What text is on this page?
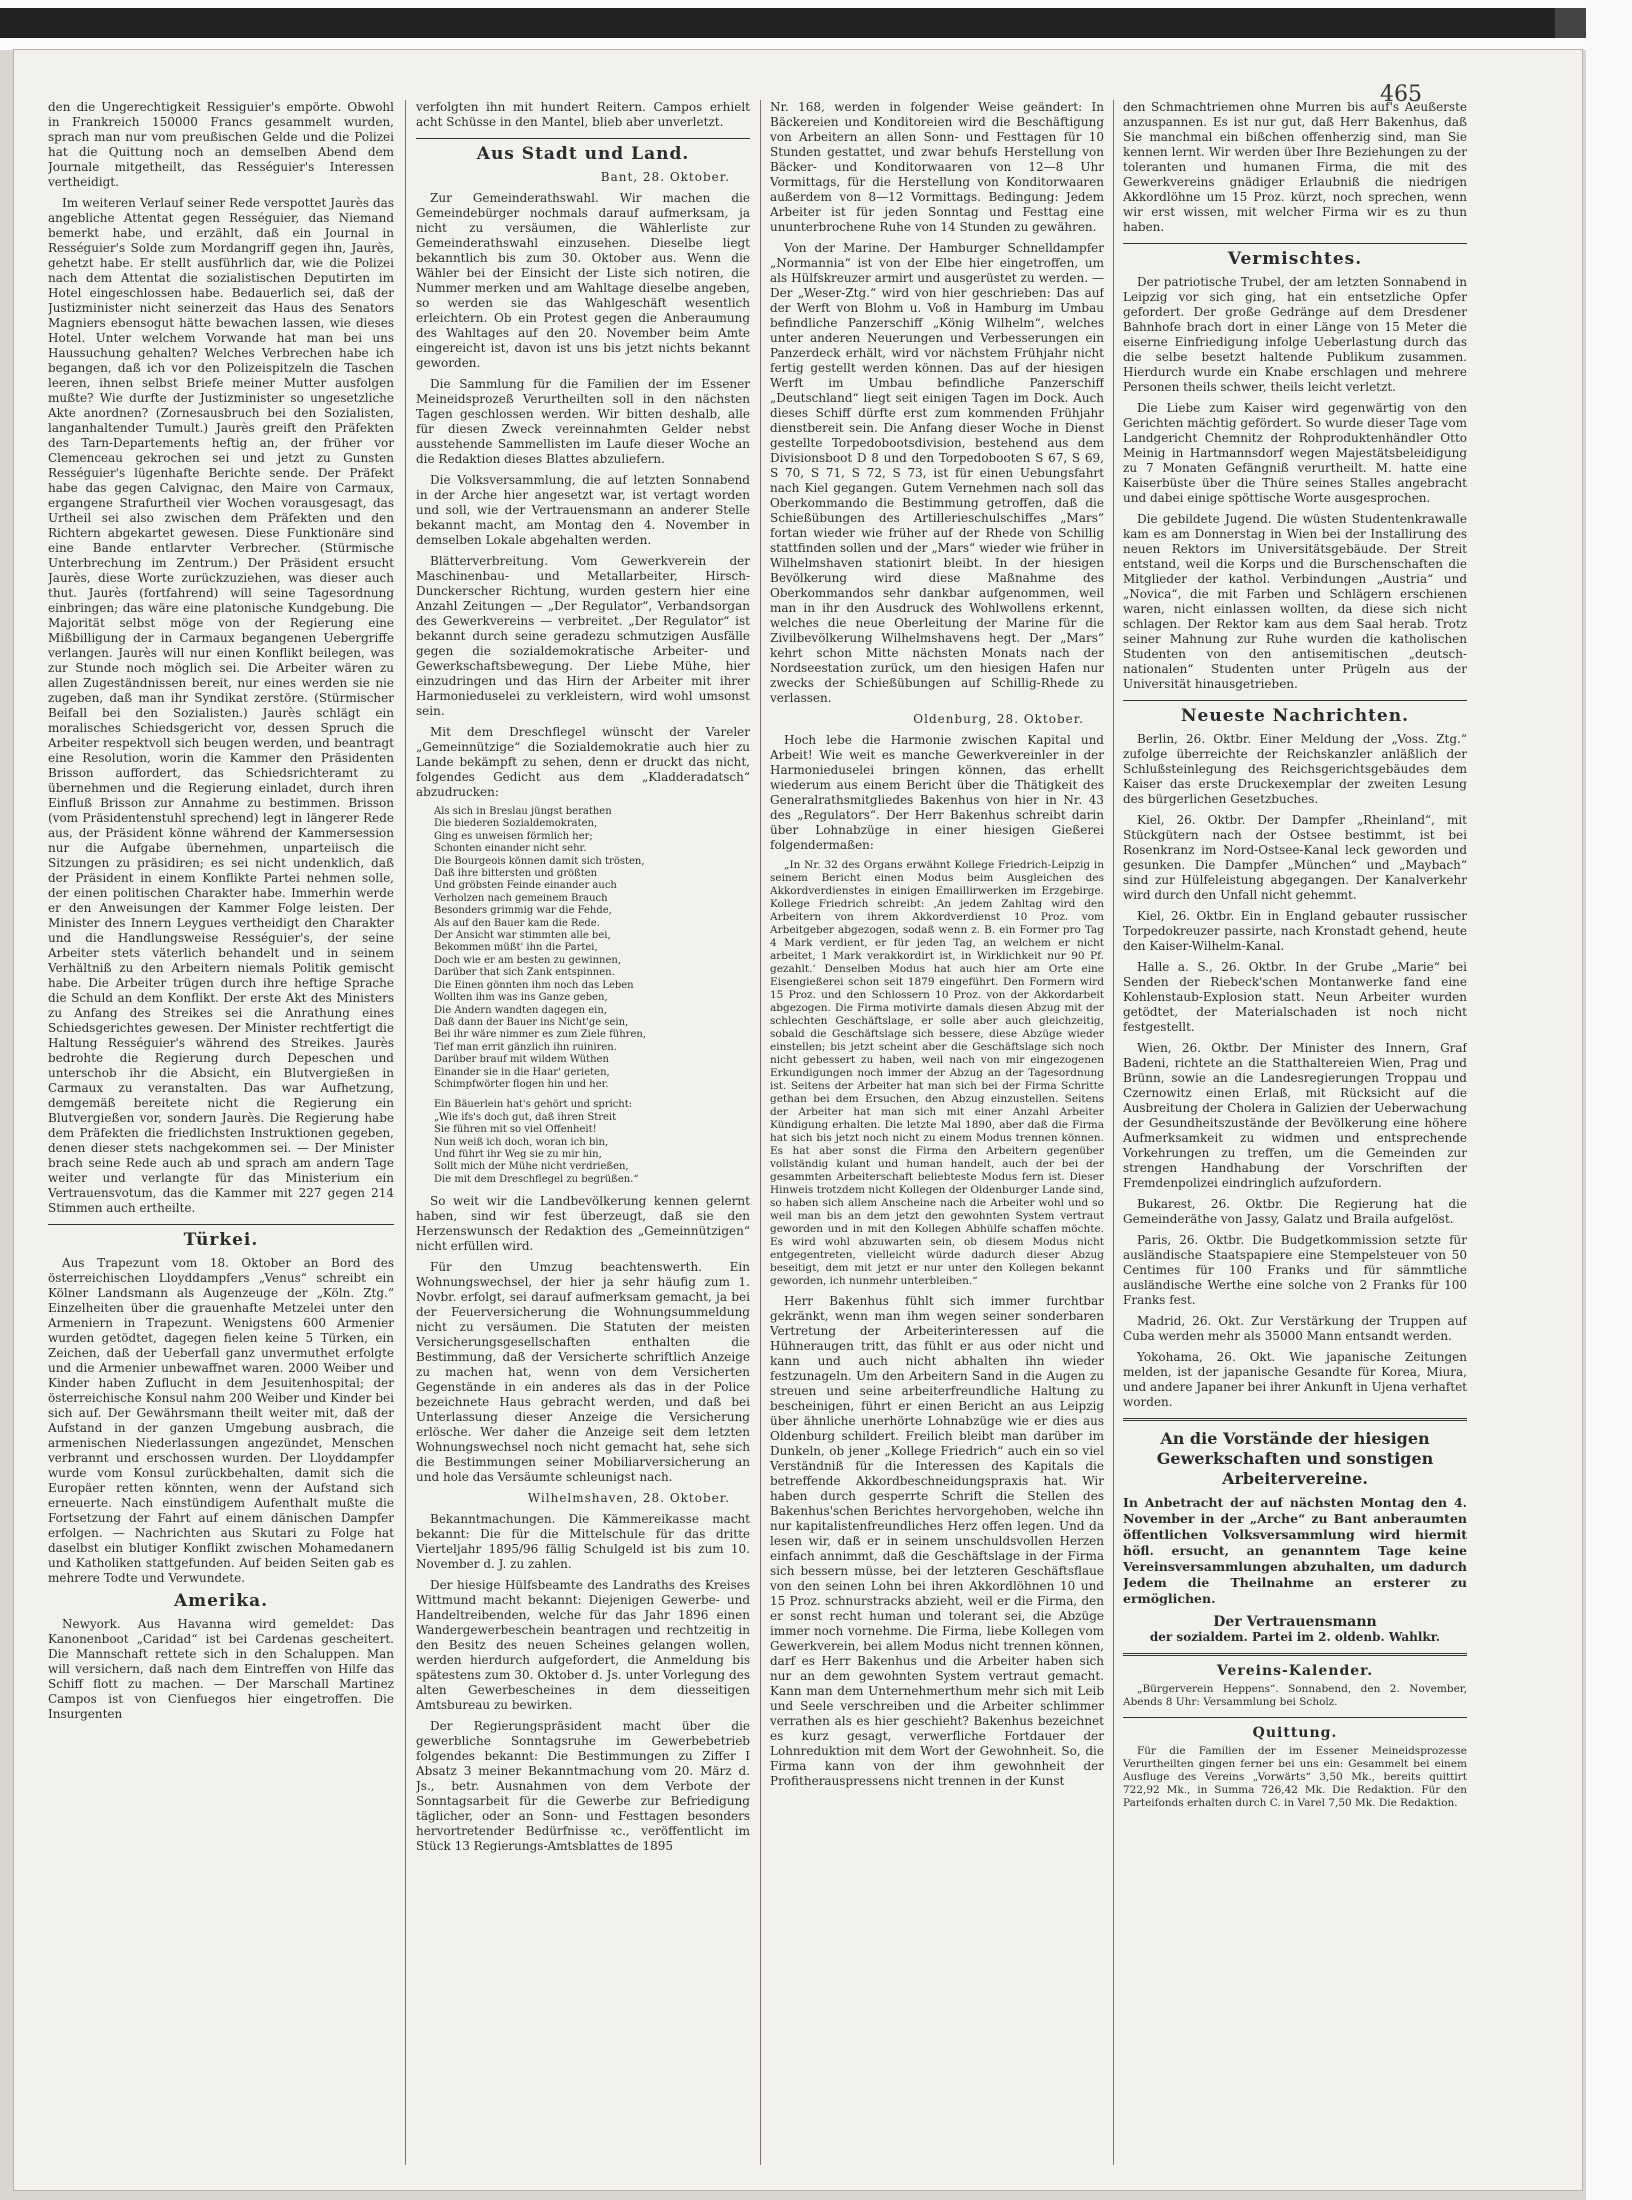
465

den die Ungerechtigkeit Ressiguier's empörte. Obwohl in Frankreich 150000 Francs gesammelt wurden, sprach man nur vom preußischen Gelde und die Polizei hat die Quittung noch an demselben Abend dem Journale mitgetheilt, das Rességuier's Interessen vertheidigt.

Im weiteren Verlauf seiner Rede verspottet Jaurès das angebliche Attentat gegen Rességuier, das Niemand bemerkt habe, und erzählt, daß ein Journal in Rességuier's Solde zum Mordangriff gegen ihn, Jaurès, gehetzt habe. Er stellt ausführlich dar, wie die Polizei nach dem Attentat die sozialistischen Deputirten im Hotel eingeschlossen habe. Bedauerlich sei, daß der Justizminister nicht seinerzeit das Haus des Senators Magniers ebensogut hätte bewachen lassen, wie dieses Hotel. Unter welchem Vorwande hat man bei uns Haussuchung gehalten? Welches Verbrechen habe ich begangen, daß ich vor den Polizeispitzeln die Taschen leeren, ihnen selbst Briefe meiner Mutter ausfolgen mußte? Wie durfte der Justizminister so ungesetzliche Akte anordnen? (Zornesausbruch bei den Sozialisten, langanhaltender Tumult.) Jaurès greift den Präfekten des Tarn-Departements heftig an, der früher vor Clemenceau gekrochen sei und jetzt zu Gunsten Rességuier's lügenhafte Berichte sende. Der Präfekt habe das gegen Calvignac, den Maire von Carmaux, ergangene Strafurtheil vier Wochen vorausgesagt, das Urtheil sei also zwischen dem Präfekten und den Richtern abgekartet gewesen. Diese Funktionäre sind eine Bande entlarvter Verbrecher. (Stürmische Unterbrechung im Zentrum.) Der Präsident ersucht Jaurès, diese Worte zurückzuziehen, was dieser auch thut. Jaurès (fortfahrend) will seine Tagesordnung einbringen; das wäre eine platonische Kundgebung. Die Majorität selbst möge von der Regierung eine Mißbilligung der in Carmaux begangenen Uebergriffe verlangen. Jaurès will nur einen Konflikt beilegen, was zur Stunde noch möglich sei. Die Arbeiter wären zu allen Zugeständnissen bereit, nur eines werden sie nie zugeben, daß man ihr Syndikat zerstöre. (Stürmischer Beifall bei den Sozialisten.) Jaurès schlägt ein moralisches Schiedsgericht vor, dessen Spruch die Arbeiter respektvoll sich beugen werden, und beantragt eine Resolution, worin die Kammer den Präsidenten Brisson auffordert, das Schiedsrichteramt zu übernehmen und die Regierung einladet, durch ihren Einfluß Brisson zur Annahme zu bestimmen. Brisson (vom Präsidentenstuhl sprechend) legt in längerer Rede aus, der Präsident könne während der Kammersession nur die Aufgabe übernehmen, unparteiisch die Sitzungen zu präsidiren; es sei nicht undenklich, daß der Präsident in einem Konflikte Partei nehmen solle, der einen politischen Charakter habe. Immerhin werde er den Anweisungen der Kammer Folge leisten. Der Minister des Innern Leygues vertheidigt den Charakter und die Handlungsweise Rességuier's, der seine Arbeiter stets väterlich behandelt und in seinem Verhältniß zu den Arbeitern niemals Politik gemischt habe. Die Arbeiter trügen durch ihre heftige Sprache die Schuld an dem Konflikt. Der erste Akt des Ministers zu Anfang des Streikes sei die Anrathung eines Schiedsgerichtes gewesen. Der Minister rechtfertigt die Haltung Rességuier's während des Streikes. Jaurès bedrohte die Regierung durch Depeschen und unterschob ihr die Absicht, ein Blutvergießen in Carmaux zu veranstalten. Das war Aufhetzung, demgemäß bereitete nicht die Regierung ein Blutvergießen vor, sondern Jaurès. Die Regierung habe dem Präfekten die friedlichsten Instruktionen gegeben, denen dieser stets nachgekommen sei. — Der Minister brach seine Rede auch ab und sprach am andern Tage weiter und verlangte für das Ministerium ein Vertrauensvotum, das die Kammer mit 227 gegen 214 Stimmen auch ertheilte.

Türkei.

Aus Trapezunt vom 18. Oktober an Bord des österreichischen Lloyddampfers „Venus“ schreibt ein Kölner Landsmann als Augenzeuge der „Köln. Ztg.“ Einzelheiten über die grauenhafte Metzelei unter den Armeniern in Trapezunt. Wenigstens 600 Armenier wurden getödtet, dagegen fielen keine 5 Türken, ein Zeichen, daß der Ueberfall ganz unvermuthet erfolgte und die Armenier unbewaffnet waren. 2000 Weiber und Kinder haben Zuflucht in dem Jesuitenhospital; der österreichische Konsul nahm 200 Weiber und Kinder bei sich auf. Der Gewährsmann theilt weiter mit, daß der Aufstand in der ganzen Umgebung ausbrach, die armenischen Niederlassungen angezündet, Menschen verbrannt und erschossen wurden. Der Lloyddampfer wurde vom Konsul zurückbehalten, damit sich die Europäer retten könnten, wenn der Aufstand sich erneuerte. Nach einstündigem Aufenthalt mußte die Fortsetzung der Fahrt auf einem dänischen Dampfer erfolgen. — Nachrichten aus Skutari zu Folge hat daselbst ein blutiger Konflikt zwischen Mohamedanern und Katholiken stattgefunden. Auf beiden Seiten gab es mehrere Todte und Verwundete.

Amerika.

Newyork. Aus Havanna wird gemeldet: Das Kanonenboot „Caridad“ ist bei Cardenas gescheitert. Die Mannschaft rettete sich in den Schaluppen. Man will versichern, daß nach dem Eintreffen von Hilfe das Schiff flott zu machen. — Der Marschall Martinez Campos ist von Cienfuegos hier eingetroffen. Die Insurgenten

verfolgten ihn mit hundert Reitern. Campos erhielt acht Schüsse in den Mantel, blieb aber unverletzt.

Aus Stadt und Land.
Bant, 28. Oktober.

Zur Gemeinderathswahl. Wir machen die Gemeindebürger nochmals darauf aufmerksam, ja nicht zu versäumen, die Wählerliste zur Gemeinderathswahl einzusehen. Dieselbe liegt bekanntlich bis zum 30. Oktober aus. Wenn die Wähler bei der Einsicht der Liste sich notiren, die Nummer merken und am Wahltage dieselbe angeben, so werden sie das Wahlgeschäft wesentlich erleichtern. Ob ein Protest gegen die Anberaumung des Wahltages auf den 20. November beim Amte eingereicht ist, davon ist uns bis jetzt nichts bekannt geworden.

Die Sammlung für die Familien der im Essener Meineidsprozeß Verurtheilten soll in den nächsten Tagen geschlossen werden. Wir bitten deshalb, alle für diesen Zweck vereinnahmten Gelder nebst ausstehende Sammellisten im Laufe dieser Woche an die Redaktion dieses Blattes abzuliefern.

Die Volksversammlung, die auf letzten Sonnabend in der Arche hier angesetzt war, ist vertagt worden und soll, wie der Vertrauensmann an anderer Stelle bekannt macht, am Montag den 4. November in demselben Lokale abgehalten werden.

Blätterverbreitung. Vom Gewerkverein der Maschinenbau- und Metallarbeiter, Hirsch-Dunckerscher Richtung, wurden gestern hier eine Anzahl Zeitungen — „Der Regulator“, Verbandsorgan des Gewerkvereins — verbreitet. „Der Regulator“ ist bekannt durch seine geradezu schmutzigen Ausfälle gegen die sozialdemokratische Arbeiter- und Gewerkschaftsbewegung. Der Liebe Mühe, hier einzudringen und das Hirn der Arbeiter mit ihrer Harmonieduselei zu verkleistern, wird wohl umsonst sein.

Mit dem Dreschflegel wünscht der Vareler „Gemeinnützige“ die Sozialdemokratie auch hier zu Lande bekämpft zu sehen, denn er druckt das nicht, folgendes Gedicht aus dem „Kladderadatsch“ abzudrucken:

Als sich in Breslau jüngst berathen
Die biederen Sozialdemokraten,
Ging es unweisen förmlich her;
Schonten einander nicht sehr.
Die Bourgeois können damit sich trösten,
Daß ihre bittersten und größten
Und gröbsten Feinde einander auch
Verholzen nach gemeinem Brauch
Besonders grimmig war die Fehde,
Als auf den Bauer kam die Rede.
Der Ansicht war stimmten alle bei,
Bekommen müßt' ihn die Partei,
Doch wie er am besten zu gewinnen,
Darüber that sich Zank entspinnen.
Die Einen gönnten ihm noch das Leben
Wollten ihm was ins Ganze geben,
Die Andern wandten dagegen ein,
Daß dann der Bauer ins Nicht'ge sein,
Bei ihr wäre nimmer es zum Ziele führen,
Tief man errit gänzlich ihn ruiniren.
Darüber brauf mit wildem Wüthen
Einander sie in die Haar' gerieten,
Schimpfwörter flogen hin und her.
Ein Bäuerlein hat's gehört und spricht:
„Wie ifs's doch gut, daß ihren Streit
Sie führen mit so viel Offenheit!
Nun weiß ich doch, woran ich bin,
Und führt ihr Weg sie zu mir hin,
Sollt mich der Mühe nicht verdrießen,
Die mit dem Dreschflegel zu begrüßen.“

So weit wir die Landbevölkerung kennen gelernt haben, sind wir fest überzeugt, daß sie den Herzenswunsch der Redaktion des „Gemeinnützigen“ nicht erfüllen wird.

Für den Umzug beachtenswerth. Ein Wohnungswechsel, der hier ja sehr häufig zum 1. Novbr. erfolgt, sei darauf aufmerksam gemacht, ja bei der Feuerversicherung die Wohnungsummeldung nicht zu versäumen. Die Statuten der meisten Versicherungsgesellschaften enthalten die Bestimmung, daß der Versicherte schriftlich Anzeige zu machen hat, wenn von dem Versicherten Gegenstände in ein anderes als das in der Police bezeichnete Haus gebracht werden, und daß bei Unterlassung dieser Anzeige die Versicherung erlösche. Wer daher die Anzeige seit dem letzten Wohnungswechsel noch nicht gemacht hat, sehe sich die Bestimmungen seiner Mobiliarversicherung an und hole das Versäumte schleunigst nach.

Wilhelmshaven, 28. Oktober.

Bekanntmachungen. Die Kämmereikasse macht bekannt: Die für die Mittelschule für das dritte Vierteljahr 1895/96 fällig Schulgeld ist bis zum 10. November d. J. zu zahlen.

Der hiesige Hülfsbeamte des Landraths des Kreises Wittmund macht bekannt: Diejenigen Gewerbe- und Handeltreibenden, welche für das Jahr 1896 einen Wandergewerbeschein beantragen und rechtzeitig in den Besitz des neuen Scheines gelangen wollen, werden hierdurch aufgefordert, die Anmeldung bis spätestens zum 30. Oktober d. Js. unter Vorlegung des alten Gewerbescheines in dem diesseitigen Amtsbureau zu bewirken.

Der Regierungspräsident macht über die gewerbliche Sonntagsruhe im Gewerbebetrieb folgendes bekannt: Die Bestimmungen zu Ziffer I Absatz 3 meiner Bekanntmachung vom 20. März d. Js., betr. Ausnahmen von dem Verbote der Sonntagsarbeit für die Gewerbe zur Befriedigung täglicher, oder an Sonn- und Festtagen besonders hervortretender Bedürfnisse ꝛc., veröffentlicht im Stück 13 Regierungs-Amtsblattes de 1895

Nr. 168, werden in folgender Weise geändert: In Bäckereien und Konditoreien wird die Beschäftigung von Arbeitern an allen Sonn- und Festtagen für 10 Stunden gestattet, und zwar behufs Herstellung von Bäcker- und Konditorwaaren von 12—8 Uhr Vormittags, für die Herstellung von Konditorwaaren außerdem von 8—12 Vormittags. Bedingung: Jedem Arbeiter ist für jeden Sonntag und Festtag eine ununterbrochene Ruhe von 14 Stunden zu gewähren.

Von der Marine. Der Hamburger Schnelldampfer „Normannia“ ist von der Elbe hier eingetroffen, um als Hülfskreuzer armirt und ausgerüstet zu werden. — Der „Weser-Ztg.“ wird von hier geschrieben: Das auf der Werft von Blohm u. Voß in Hamburg im Umbau befindliche Panzerschiff „König Wilhelm“, welches unter anderen Neuerungen und Verbesserungen ein Panzerdeck erhält, wird vor nächstem Frühjahr nicht fertig gestellt werden können. Das auf der hiesigen Werft im Umbau befindliche Panzerschiff „Deutschland“ liegt seit einigen Tagen im Dock. Auch dieses Schiff dürfte erst zum kommenden Frühjahr dienstbereit sein. Die Anfang dieser Woche in Dienst gestellte Torpedobootsdivision, bestehend aus dem Divisionsboot D 8 und den Torpedobooten S 67, S 69, S 70, S 71, S 72, S 73, ist für einen Uebungsfahrt nach Kiel gegangen. Gutem Vernehmen nach soll das Oberkommando die Bestimmung getroffen, daß die Schießübungen des Artillerieschulschiffes „Mars“ fortan wieder wie früher auf der Rhede von Schillig stattfinden sollen und der „Mars“ wieder wie früher in Wilhelmshaven stationirt bleibt. In der hiesigen Bevölkerung wird diese Maßnahme des Oberkommandos sehr dankbar aufgenommen, weil man in ihr den Ausdruck des Wohlwollens erkennt, welches die neue Oberleitung der Marine für die Zivilbevölkerung Wilhelmshavens hegt. Der „Mars“ kehrt schon Mitte nächsten Monats nach der Nordseestation zurück, um den hiesigen Hafen nur zwecks der Schießübungen auf Schillig-Rhede zu verlassen.

Oldenburg, 28. Oktober.

Hoch lebe die Harmonie zwischen Kapital und Arbeit! Wie weit es manche Gewerkvereinler in der Harmonieduselei bringen können, das erhellt wiederum aus einem Bericht über die Thätigkeit des Generalrathsmitgliedes Bakenhus von hier in Nr. 43 des „Regulators“. Der Herr Bakenhus schreibt darin über Lohnabzüge in einer hiesigen Gießerei folgendermaßen:

„In Nr. 32 des Organs erwähnt Kollege Friedrich-Leipzig in seinem Bericht einen Modus beim Ausgleichen des Akkordverdienstes in einigen Emaillirwerken im Erzgebirge. Kollege Friedrich schreibt: ‚An jedem Zahltag wird den Arbeitern von ihrem Akkordverdienst 10 Proz. vom Arbeitgeber abgezogen, sodaß wenn z. B. ein Former pro Tag 4 Mark verdient, er für jeden Tag, an welchem er nicht arbeitet, 1 Mark verakkordirt ist, in Wirklichkeit nur 90 Pf. gezahlt.‘ Denselben Modus hat auch hier am Orte eine Eisengießerei schon seit 1879 eingeführt. Den Formern wird 15 Proz. und den Schlossern 10 Proz. von der Akkordarbeit abgezogen. Die Firma motivirte damals diesen Abzug mit der schlechten Geschäftslage, er solle aber auch gleichzeitig, sobald die Geschäftslage sich bessere, diese Abzüge wieder einstellen; bis jetzt scheint aber die Geschäftslage sich noch nicht gebessert zu haben, weil nach von mir eingezogenen Erkundigungen noch immer der Abzug an der Tagesordnung ist. Seitens der Arbeiter hat man sich bei der Firma Schritte gethan bei dem Ersuchen, den Abzug einzustellen. Seitens der Arbeiter hat man sich mit einer Anzahl Arbeiter Kündigung erhalten. Die letzte Mal 1890, aber daß die Firma hat sich bis jetzt noch nicht zu einem Modus trennen können. Es hat aber sonst die Firma den Arbeitern gegenüber vollständig kulant und human handelt, auch der bei der gesammten Arbeiterschaft beliebteste Modus fern ist. Dieser Hinweis trotzdem nicht Kollegen der Oldenburger Lande sind, so haben sich allem Anscheine nach die Arbeiter wohl und so weil man bis an dem jetzt den gewohnten System vertraut geworden und in mit den Kollegen Abhülfe schaffen möchte. Es wird wohl abzuwarten sein, ob diesem Modus nicht entgegentreten, vielleicht würde dadurch dieser Abzug beseitigt, dem mit jetzt er nur unter den Kollegen bekannt geworden, ich nunmehr unterbleiben.“

Herr Bakenhus fühlt sich immer furchtbar gekränkt, wenn man ihm wegen seiner sonderbaren Vertretung der Arbeiterinteressen auf die Hühneraugen tritt, das fühlt er aus oder nicht und kann und auch nicht abhalten ihn wieder festzunageln. Um den Arbeitern Sand in die Augen zu streuen und seine arbeiterfreundliche Haltung zu bescheinigen, führt er einen Bericht an aus Leipzig über ähnliche unerhörte Lohnabzüge wie er dies aus Oldenburg schildert. Freilich bleibt man darüber im Dunkeln, ob jener „Kollege Friedrich“ auch ein so viel Verständniß für die Interessen des Kapitals die betreffende Akkordbeschneidungspraxis hat. Wir haben durch gesperrte Schrift die Stellen des Bakenhus'schen Berichtes hervorgehoben, welche ihn nur kapitalistenfreundliches Herz offen legen. Und da lesen wir, daß er in seinem unschuldsvollen Herzen einfach annimmt, daß die Geschäftslage in der Firma sich bessern müsse, bei der letzteren Geschäftsflaue von den seinen Lohn bei ihren Akkordlöhnen 10 und 15 Proz. schnurstracks abzieht, weil er die Firma, den er sonst recht human und tolerant sei, die Abzüge immer noch vornehme. Die Firma, liebe Kollegen vom Gewerkverein, bei allem Modus nicht trennen können, darf es Herr Bakenhus und die Arbeiter haben sich nur an dem gewohnten System vertraut gemacht. Kann man dem Unternehmerthum mehr sich mit Leib und Seele verschreiben und die Arbeiter schlimmer verrathen als es hier geschieht? Bakenhus bezeichnet es kurz gesagt, verwerfliche Fortdauer der Lohnreduktion mit dem Wort der Gewohnheit. So, die Firma kann von der ihm gewohnheit der Profitherauspressens nicht trennen in der Kunst

den Schmachtriemen ohne Murren bis auf's Aeußerste anzuspannen. Es ist nur gut, daß Herr Bakenhus, daß Sie manchmal ein bißchen offenherzig sind, man Sie kennen lernt. Wir werden über Ihre Beziehungen zu der toleranten und humanen Firma, die mit des Gewerkvereins gnädiger Erlaubniß die niedrigen Akkordlöhne um 15 Proz. kürzt, noch sprechen, wenn wir erst wissen, mit welcher Firma wir es zu thun haben.

Vermischtes.

Der patriotische Trubel, der am letzten Sonnabend in Leipzig vor sich ging, hat ein entsetzliche Opfer gefordert. Der große Gedränge auf dem Dresdener Bahnhofe brach dort in einer Länge von 15 Meter die eiserne Einfriedigung infolge Ueberlastung durch das die selbe besetzt haltende Publikum zusammen. Hierdurch wurde ein Knabe erschlagen und mehrere Personen theils schwer, theils leicht verletzt.

Die Liebe zum Kaiser wird gegenwärtig von den Gerichten mächtig gefördert. So wurde dieser Tage vom Landgericht Chemnitz der Rohproduktenhändler Otto Meinig in Hartmannsdorf wegen Majestätsbeleidigung zu 7 Monaten Gefängniß verurtheilt. M. hatte eine Kaiserbüste über die Thüre seines Stalles angebracht und dabei einige spöttische Worte ausgesprochen.

Die gebildete Jugend. Die wüsten Studentenkrawalle kam es am Donnerstag in Wien bei der Installirung des neuen Rektors im Universitätsgebäude. Der Streit entstand, weil die Korps und die Burschenschaften die Mitglieder der kathol. Verbindungen „Austria“ und „Novica“, die mit Farben und Schlägern erschienen waren, nicht einlassen wollten, da diese sich nicht schlagen. Der Rektor kam aus dem Saal herab. Trotz seiner Mahnung zur Ruhe wurden die katholischen Studenten von den antisemitischen „deutsch-nationalen“ Studenten unter Prügeln aus der Universität hinausgetrieben.

Neueste Nachrichten.

Berlin, 26. Oktbr. Einer Meldung der „Voss. Ztg.“ zufolge überreichte der Reichskanzler anläßlich der Schlußsteinlegung des Reichsgerichtsgebäudes dem Kaiser das erste Druckexemplar der zweiten Lesung des bürgerlichen Gesetzbuches.

Kiel, 26. Oktbr. Der Dampfer „Rheinland“, mit Stückgütern nach der Ostsee bestimmt, ist bei Rosenkranz im Nord-Ostsee-Kanal leck geworden und gesunken. Die Dampfer „München“ und „Maybach“ sind zur Hülfeleistung abgegangen. Der Kanalverkehr wird durch den Unfall nicht gehemmt.

Kiel, 26. Oktbr. Ein in England gebauter russischer Torpedokreuzer passirte, nach Kronstadt gehend, heute den Kaiser-Wilhelm-Kanal.

Halle a. S., 26. Oktbr. In der Grube „Marie“ bei Senden der Riebeck'schen Montanwerke fand eine Kohlenstaub-Explosion statt. Neun Arbeiter wurden getödtet, der Materialschaden ist noch nicht festgestellt.

Wien, 26. Oktbr. Der Minister des Innern, Graf Badeni, richtete an die Statthaltereien Wien, Prag und Brünn, sowie an die Landesregierungen Troppau und Czernowitz einen Erlaß, mit Rücksicht auf die Ausbreitung der Cholera in Galizien der Ueberwachung der Gesundheitszustände der Bevölkerung eine höhere Aufmerksamkeit zu widmen und entsprechende Vorkehrungen zu treffen, um die Gemeinden zur strengen Handhabung der Vorschriften der Fremdenpolizei eindringlich aufzufordern.

Bukarest, 26. Oktbr. Die Regierung hat die Gemeinderäthe von Jassy, Galatz und Braila aufgelöst.

Paris, 26. Oktbr. Die Budgetkommission setzte für ausländische Staatspapiere eine Stempelsteuer von 50 Centimes für 100 Franks und für sämmtliche ausländische Werthe eine solche von 2 Franks für 100 Franks fest.

Madrid, 26. Okt. Zur Verstärkung der Truppen auf Cuba werden mehr als 35000 Mann entsandt werden.

Yokohama, 26. Okt. Wie japanische Zeitungen melden, ist der japanische Gesandte für Korea, Miura, und andere Japaner bei ihrer Ankunft in Ujena verhaftet worden.

An die Vorstände der hiesigen Gewerkschaften und sonstigen Arbeitervereine.
In Anbetracht der auf nächsten Montag den 4. November in der „Arche“ zu Bant anberaumten öffentlichen Volksversammlung wird hiermit höfl. ersucht, an genanntem Tage keine Vereinsversammlungen abzuhalten, um dadurch Jedem die Theilnahme an ersterer zu ermöglichen.
Der Vertrauensmann
der sozialdem. Partei im 2. oldenb. Wahlkr.
Vereins-Kalender.

„Bürgerverein Heppens“. Sonnabend, den 2. November, Abends 8 Uhr: Versammlung bei Scholz.

Quittung.

Für die Familien der im Essener Meineidsprozesse Verurtheilten gingen ferner bei uns ein: Gesammelt bei einem Ausfluge des Vereins „Vorwärts“ 3,50 Mk., bereits quittirt 722,92 Mk., in Summa 726,42 Mk. Die Redaktion. Für den Parteifonds erhalten durch C. in Varel 7,50 Mk. Die Redaktion.
